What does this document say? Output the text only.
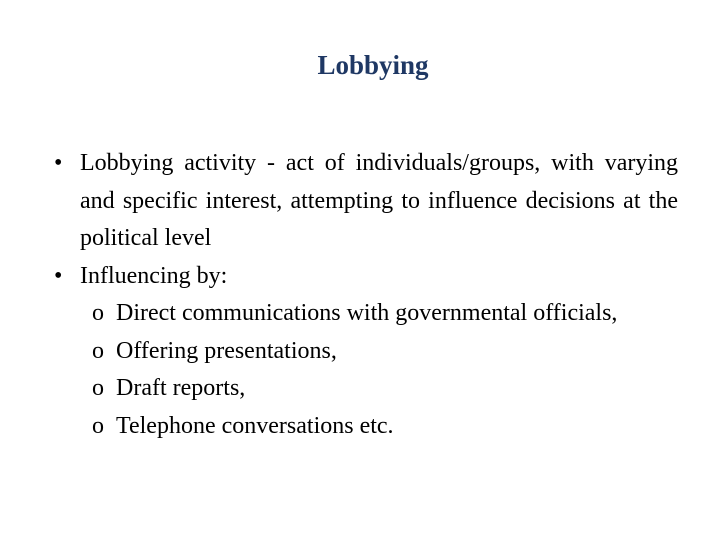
Lobbying
• Lobbying activity - act of individuals/groups, with varying and specific interest, attempting to influence decisions at the political level
• Influencing by:
o Direct communications with governmental officials,
o Offering presentations,
o Draft reports,
o Telephone conversations etc.
